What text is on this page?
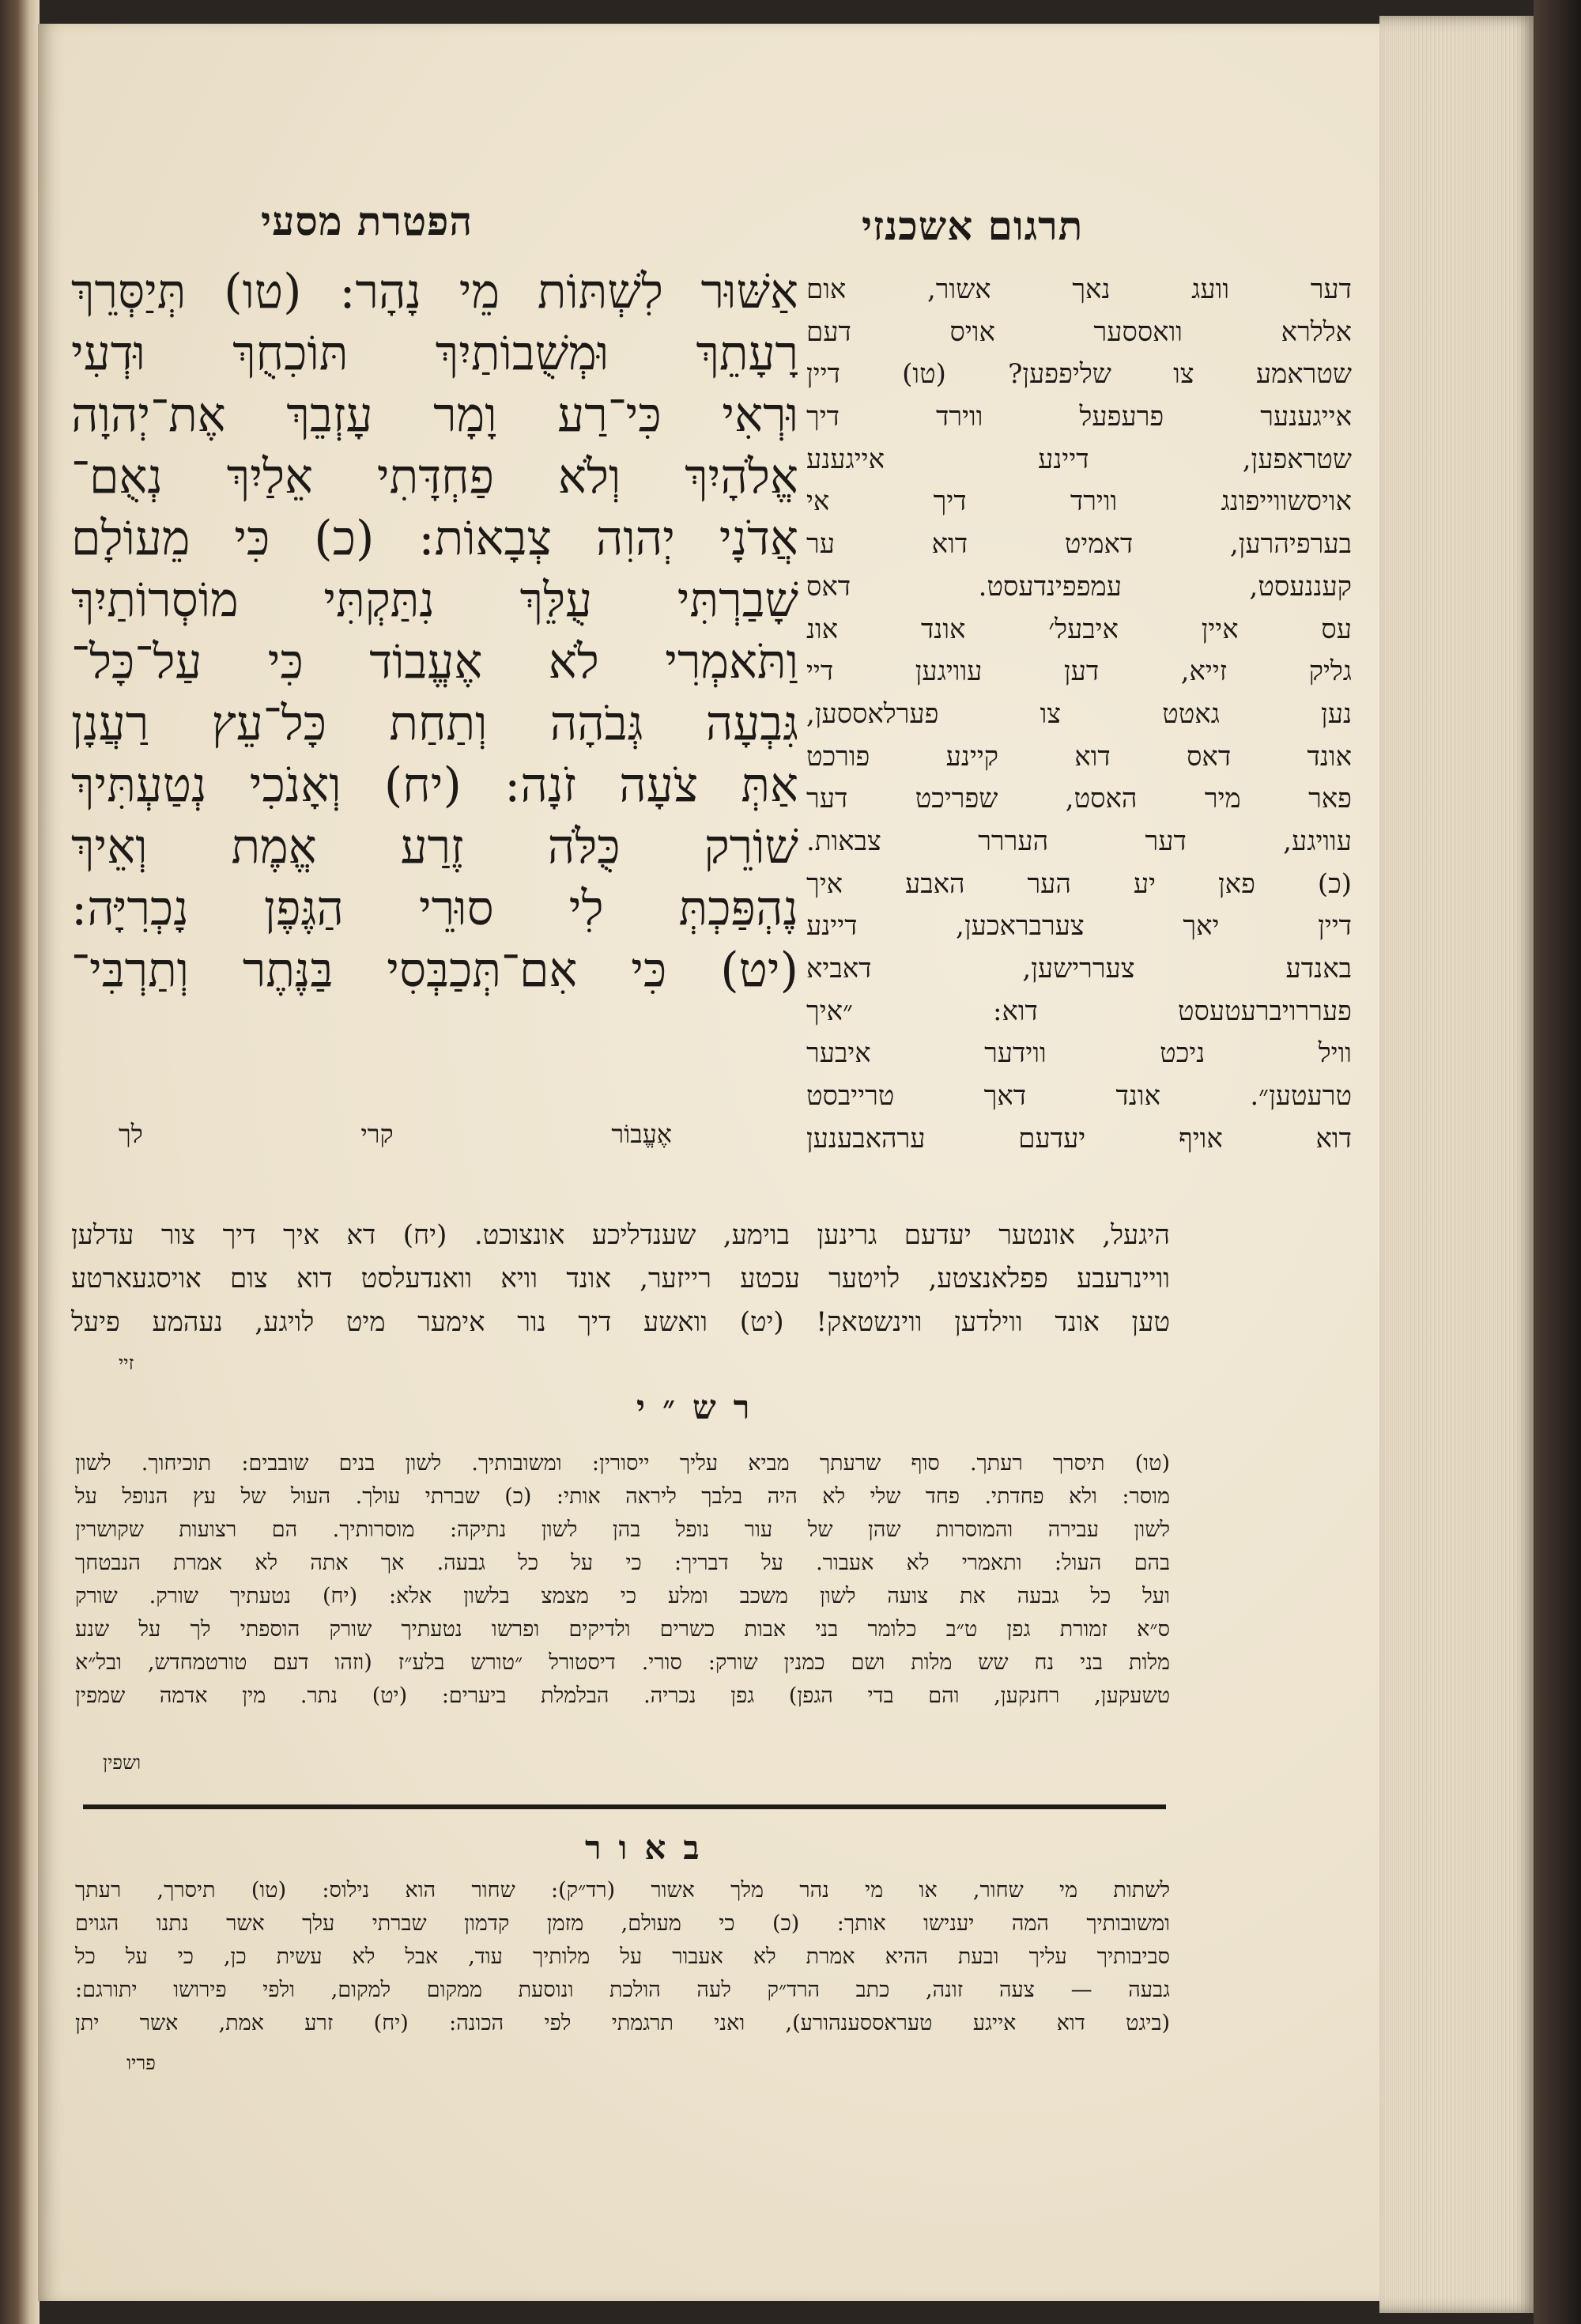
הפטרת מסעי	תרגום אשכנזי
אַשּׁוּר לִשְׁתּוֹת מֵי נָהָר: (טו) תְּיַסְּרֵךְ
רָעָתֵךְ וּמְשֻׁבוֹתַיִךְ תּוֹכִחֻךְ וּדְעִי
וּרְאִי כִּי־רַע וָמָר עָזְבֵךְ אֶת־יְהוָה
אֱלֹהָיִךְ וְלֹא פַחְדָּתִי אֵלַיִךְ נְאֻם־
אֲדֹנָי יְהוִה צְבָאוֹת: (כ) כִּי מֵעוֹלָם
שָׁבַרְתִּי עֻלֵּךְ נִתַּקְתִּי מוֹסְרוֹתַיִךְ
וַתֹּאמְרִי לֹא אֶעֱבוֹד כִּי עַל־כָּל־
גִּבְעָה גְּבֹהָה וְתַחַת כָּל־עֵץ רַעֲנָן
אַתְּ צֹעָה זֹנָה: (יח) וְאָנֹכִי נְטַעְתִּיךְ
שׁוֹרֵק כֻּלֹּה זֶרַע אֱמֶת וְאֵיךְ
נֶהְפַּכְתְּ לִי סוּרֵי הַגֶּפֶן נָכְרִיָּה:
(יט) כִּי אִם־תְּכַבְּסִי בַּנֶּתֶר וְתַרְבִּי־
אֶעֱבוֹר קרי לך
דער וועג נאך אשור, אום
אללרא וואססער אויס דעם
שטראמע צו שליפפען? (טו) דיין
אייגענער פרעפעל ווירד דיך
שטראפען, דיינע אייגענע
אויסשווייפונג ווירד דיך אי
בערפיהרען, דאמיט דוא ער
קעננעסט, עמפפינדעסט. דאס
עס איין איבעל׳ אונד אונ
גליק זייא, דען עוויגען דיי
נען גאטט צו פערלאססען,
אונד דאס דוא קיינע פורכט
פאר מיר האסט, שפריכט דער
עוויגע, דער העררר צבאות.
(כ) פאן יע הער האבע איך
דיין יאך צערבראכען, דיינע
באנדע צעררישען, דאביא
פעררויברעטעסט דוא: ״איך
וויל ניכט ווידער איבער
טרעטען״. אונד דאך טרייבסט
דוא אויף יעדעם ערהאבענען
היגעל, אונטער יעדעם גרינען בוימע, שענדליכע אונצוכט. (יח) דא איך דיך צור עדלען
וויינרעבע פפלאנצטע, לויטער עכטע רייזער, אונד וויא וואנדעלסט דוא צום אויסגעארטע
טען אונד ווילדען ווינשטאק! (יט) וואשע דיך נור אימער מיט לויגע, נעהמע פיעל
זיי
רש״י
(טו) תיסרך רעתך. סוף שרעתך מביא עליך ייסורין: ומשובותיך. לשון בנים שובבים: תוכיחוך. לשון
מוסר: ולא פחדתי. פחד שלי לא היה בלבך ליראה אותי: (כ) שברתי עולך. העול של עץ הנופל על
לשון עבירה והמוסרות שהן של עור נופל בהן לשון נתיקה: מוסרותיך. הם רצועות שקושרין
בהם העול: ותאמרי לא אעבור. על דבריך: כי על כל גבעה. אך אתה לא אמרת הנבטחך
ועל כל גבעה את צועה לשון משכב ומלע כי מצמצ בלשון אלא: (יח) נטעתיך שורק. שורק
ס״א זמורת גפן ט״ב כלומר בני אבות כשרים ולדיקים ופרשו נטעתיך שורק הוספתי לך על שנע
מלות בני נח שש מלות ושם כמנין שורק: סורי. דיסטורל ״טורש בלע״ז (וזהו דעם טורטמחדש, ובל״א
טשעקען, רחנקען, והם בדי הגפן) גפן נכריה. הבלמלת ביערים: (יט) נתר. מין אדמה שמפין
ושפין
באור
לשתות מי שחור, או מי נהר מלך אשור (רד״ק): שחור הוא נילוס: (טו) תיסרך, רעתך
ומשובותיך המה יענישו אותך: (כ) כי מעולם, מזמן קדמון שברתי עלך אשר נתנו הגוים
סביבותיך עליך ובעת ההיא אמרת לא אעבור על מלותיך עוד, אבל לא עשית כן, כי על כל
גבעה — צעה זונה, כתב הרד״ק לעה הולכת ונוסעת ממקום למקום, ולפי פירושו יתורגם:
(ביגט דוא אייגע טעראססענהורע), ואני תרגמתי לפי הכונה: (יח) זרע אמת, אשר יתן
פריו
